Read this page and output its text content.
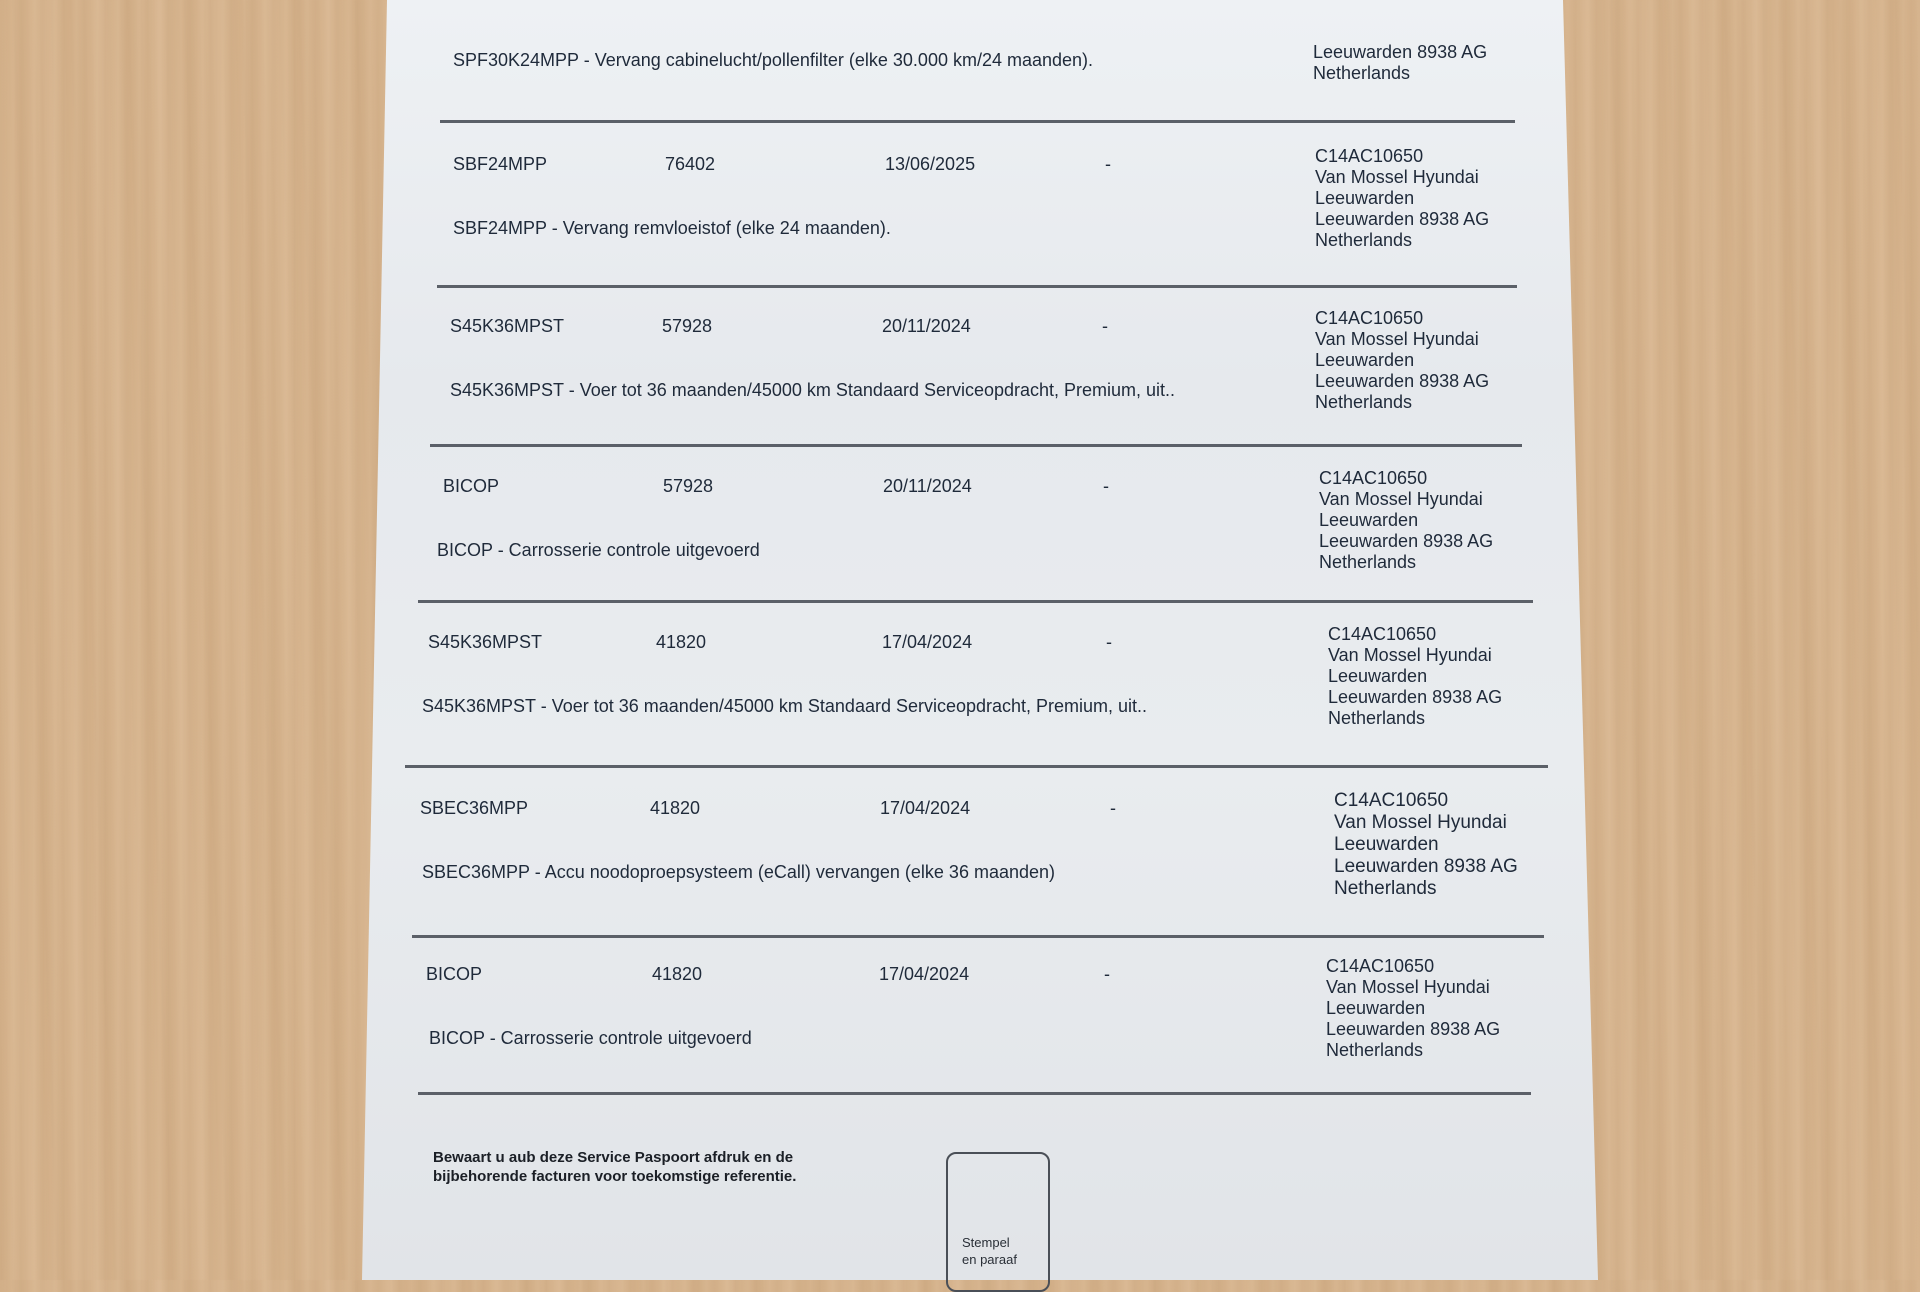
SPF30K24MPP - Vervang cabinelucht/pollenfilter (elke 30.000 km/24 maanden).	Leeuwarden 8938 AG
Netherlands
SBF24MPP	76402	13/06/2025	-
SBF24MPP - Vervang remvloeistof (elke 24 maanden).
C14AC10650
Van Mossel Hyundai
Leeuwarden
Leeuwarden 8938 AG
Netherlands
S45K36MPST	57928	20/11/2024	-
S45K36MPST - Voer tot 36 maanden/45000 km Standaard Serviceopdracht, Premium, uit..
C14AC10650
Van Mossel Hyundai
Leeuwarden
Leeuwarden 8938 AG
Netherlands
BICOP	57928	20/11/2024	-
BICOP - Carrosserie controle uitgevoerd
C14AC10650
Van Mossel Hyundai
Leeuwarden
Leeuwarden 8938 AG
Netherlands
S45K36MPST	41820	17/04/2024	-
S45K36MPST - Voer tot 36 maanden/45000 km Standaard Serviceopdracht, Premium, uit..
C14AC10650
Van Mossel Hyundai
Leeuwarden
Leeuwarden 8938 AG
Netherlands
SBEC36MPP	41820	17/04/2024	-
SBEC36MPP - Accu noodoproepsysteem (eCall) vervangen (elke 36 maanden)
C14AC10650
Van Mossel Hyundai
Leeuwarden
Leeuwarden 8938 AG
Netherlands
BICOP	41820	17/04/2024	-
BICOP - Carrosserie controle uitgevoerd
C14AC10650
Van Mossel Hyundai
Leeuwarden
Leeuwarden 8938 AG
Netherlands
Bewaart u aub deze Service Paspoort afdruk en de
bijbehorende facturen voor toekomstige referentie.
Stempel
en paraaf
